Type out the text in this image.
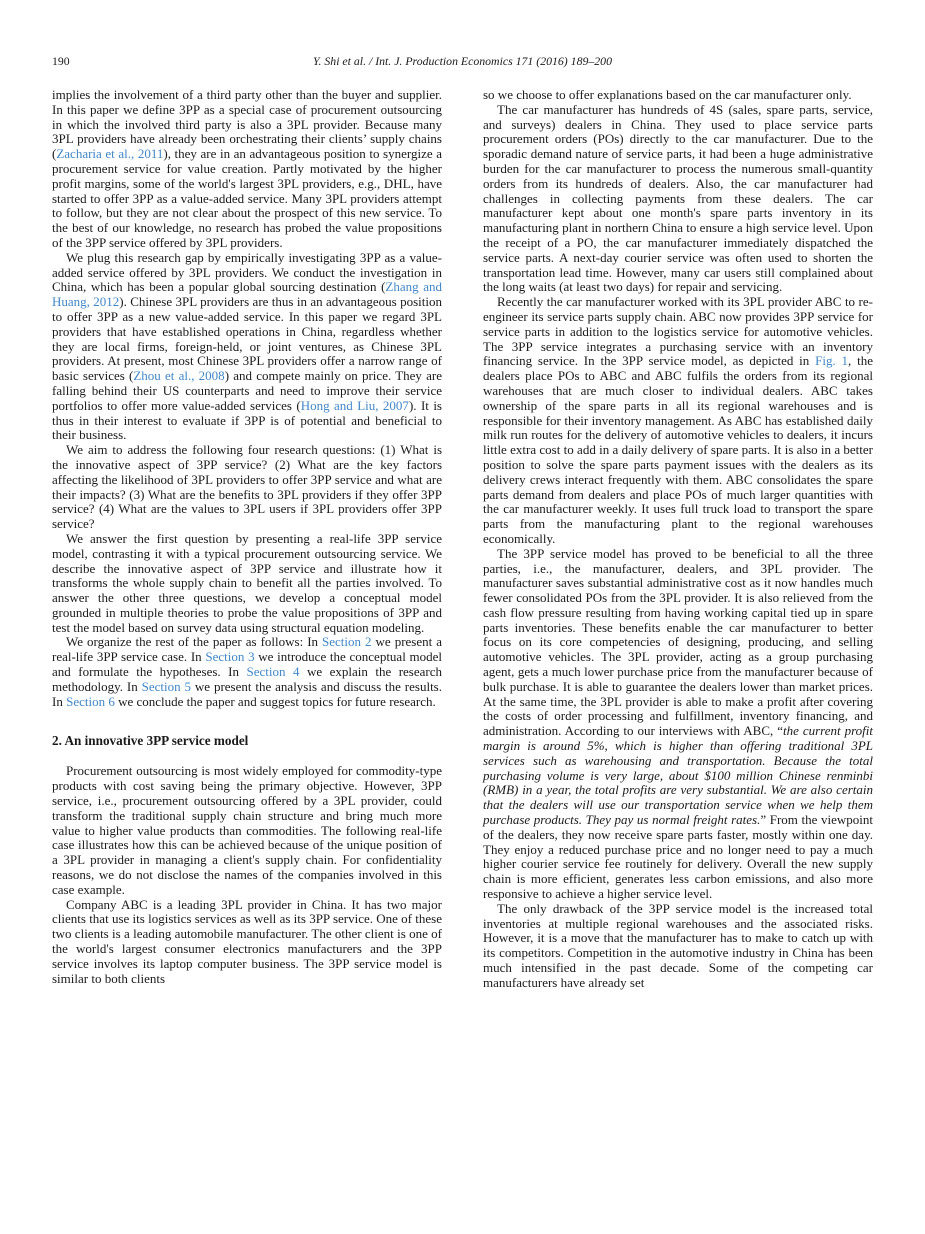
190	Y. Shi et al. / Int. J. Production Economics 171 (2016) 189–200

implies the involvement of a third party other than the buyer and supplier. In this paper we define 3PP as a special case of procurement outsourcing in which the involved third party is also a 3PL provider. Because many 3PL providers have already been orchestrating their clients’ supply chains (Zacharia et al., 2011), they are in an advantageous position to synergize a procurement service for value creation. Partly motivated by the higher profit margins, some of the world's largest 3PL providers, e.g., DHL, have started to offer 3PP as a value-added service. Many 3PL providers attempt to follow, but they are not clear about the prospect of this new service. To the best of our knowledge, no research has probed the value propositions of the 3PP service offered by 3PL providers.

We plug this research gap by empirically investigating 3PP as a value-added service offered by 3PL providers. We conduct the investigation in China, which has been a popular global sourcing destination (Zhang and Huang, 2012). Chinese 3PL providers are thus in an advantageous position to offer 3PP as a new value-added service. In this paper we regard 3PL providers that have established operations in China, regardless whether they are local firms, foreign-held, or joint ventures, as Chinese 3PL providers. At present, most Chinese 3PL providers offer a narrow range of basic services (Zhou et al., 2008) and compete mainly on price. They are falling behind their US counterparts and need to improve their service portfolios to offer more value-added services (Hong and Liu, 2007). It is thus in their interest to evaluate if 3PP is of potential and beneficial to their business.

We aim to address the following four research questions: (1) What is the innovative aspect of 3PP service? (2) What are the key factors affecting the likelihood of 3PL providers to offer 3PP service and what are their impacts? (3) What are the benefits to 3PL providers if they offer 3PP service? (4) What are the values to 3PL users if 3PL providers offer 3PP service?

We answer the first question by presenting a real-life 3PP service model, contrasting it with a typical procurement outsourcing service. We describe the innovative aspect of 3PP service and illustrate how it transforms the whole supply chain to benefit all the parties involved. To answer the other three questions, we develop a conceptual model grounded in multiple theories to probe the value propositions of 3PP and test the model based on survey data using structural equation modeling.

We organize the rest of the paper as follows: In Section 2 we present a real-life 3PP service case. In Section 3 we introduce the conceptual model and formulate the hypotheses. In Section 4 we explain the research methodology. In Section 5 we present the analysis and discuss the results. In Section 6 we conclude the paper and suggest topics for future research.

2. An innovative 3PP service model

Procurement outsourcing is most widely employed for commodity-type products with cost saving being the primary objective. However, 3PP service, i.e., procurement outsourcing offered by a 3PL provider, could transform the traditional supply chain structure and bring much more value to higher value products than commodities. The following real-life case illustrates how this can be achieved because of the unique position of a 3PL provider in managing a client's supply chain. For confidentiality reasons, we do not disclose the names of the companies involved in this case example.

Company ABC is a leading 3PL provider in China. It has two major clients that use its logistics services as well as its 3PP service. One of these two clients is a leading automobile manufacturer. The other client is one of the world's largest consumer electronics manufacturers and the 3PP service involves its laptop computer business. The 3PP service model is similar to both clients

so we choose to offer explanations based on the car manufacturer only.

The car manufacturer has hundreds of 4S (sales, spare parts, service, and surveys) dealers in China. They used to place service parts procurement orders (POs) directly to the car manufacturer. Due to the sporadic demand nature of service parts, it had been a huge administrative burden for the car manufacturer to process the numerous small-quantity orders from its hundreds of dealers. Also, the car manufacturer had challenges in collecting payments from these dealers. The car manufacturer kept about one month's spare parts inventory in its manufacturing plant in northern China to ensure a high service level. Upon the receipt of a PO, the car manufacturer immediately dispatched the service parts. A next-day courier service was often used to shorten the transportation lead time. However, many car users still complained about the long waits (at least two days) for repair and servicing.

Recently the car manufacturer worked with its 3PL provider ABC to re-engineer its service parts supply chain. ABC now provides 3PP service for service parts in addition to the logistics service for automotive vehicles. The 3PP service integrates a purchasing service with an inventory financing service. In the 3PP service model, as depicted in Fig. 1, the dealers place POs to ABC and ABC fulfils the orders from its regional warehouses that are much closer to individual dealers. ABC takes ownership of the spare parts in all its regional warehouses and is responsible for their inventory management. As ABC has established daily milk run routes for the delivery of automotive vehicles to dealers, it incurs little extra cost to add in a daily delivery of spare parts. It is also in a better position to solve the spare parts payment issues with the dealers as its delivery crews interact frequently with them. ABC consolidates the spare parts demand from dealers and place POs of much larger quantities with the car manufacturer weekly. It uses full truck load to transport the spare parts from the manufacturing plant to the regional warehouses economically.

The 3PP service model has proved to be beneficial to all the three parties, i.e., the manufacturer, dealers, and 3PL provider. The manufacturer saves substantial administrative cost as it now handles much fewer consolidated POs from the 3PL provider. It is also relieved from the cash flow pressure resulting from having working capital tied up in spare parts inventories. These benefits enable the car manufacturer to better focus on its core competencies of designing, producing, and selling automotive vehicles. The 3PL provider, acting as a group purchasing agent, gets a much lower purchase price from the manufacturer because of bulk purchase. It is able to guarantee the dealers lower than market prices. At the same time, the 3PL provider is able to make a profit after covering the costs of order processing and fulfillment, inventory financing, and administration. According to our interviews with ABC, “the current profit margin is around 5%, which is higher than offering traditional 3PL services such as warehousing and transportation. Because the total purchasing volume is very large, about $100 million Chinese renminbi (RMB) in a year, the total profits are very substantial. We are also certain that the dealers will use our transportation service when we help them purchase products. They pay us normal freight rates.” From the viewpoint of the dealers, they now receive spare parts faster, mostly within one day. They enjoy a reduced purchase price and no longer need to pay a much higher courier service fee routinely for delivery. Overall the new supply chain is more efficient, generates less carbon emissions, and also more responsive to achieve a higher service level.

The only drawback of the 3PP service model is the increased total inventories at multiple regional warehouses and the associated risks. However, it is a move that the manufacturer has to make to catch up with its competitors. Competition in the automotive industry in China has been much intensified in the past decade. Some of the competing car manufacturers have already set
